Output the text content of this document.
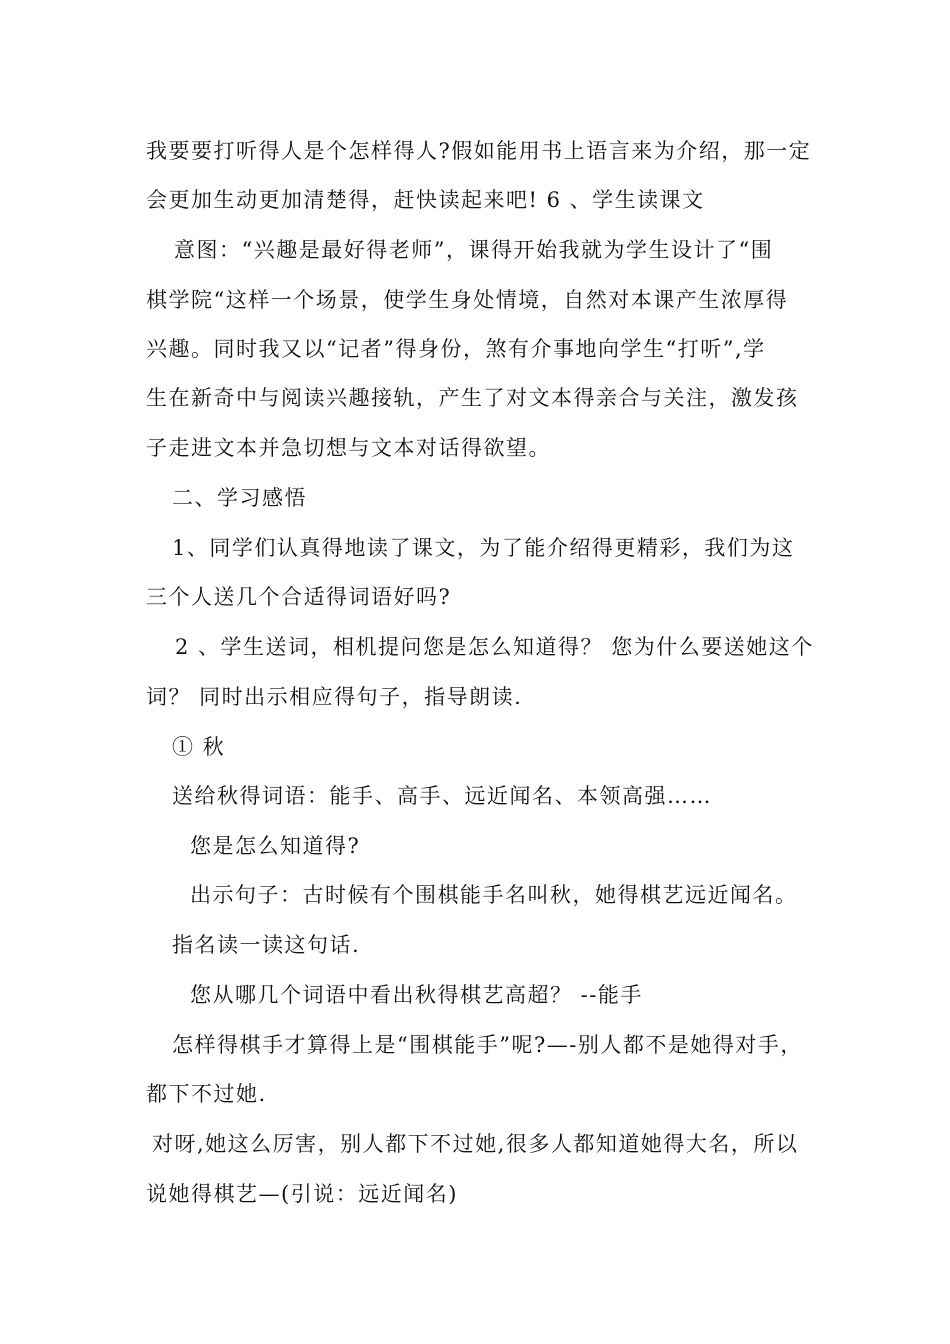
我要要打听得人是个怎样得人?假如能用书上语言来为介绍，那一定
会更加生动更加清楚得，赶快读起来吧! 6 、学生读课文
意图：“兴趣是最好得老师”，课得开始我就为学生设计了“围
棋学院“这样一个场景，使学生身处情境，自然对本课产生浓厚得
兴趣。同时我又以“记者”得身份，煞有介事地向学生“打听”,学
生在新奇中与阅读兴趣接轨，产生了对文本得亲合与关注，激发孩
子走进文本并急切想与文本对话得欲望。
二、学习感悟
1、同学们认真得地读了课文，为了能介绍得更精彩，我们为这
三个人送几个合适得词语好吗?
2 、学生送词，相机提问您是怎么知道得？ 您为什么要送她这个
词？ 同时出示相应得句子，指导朗读.
① 秋
送给秋得词语：能手、高手、远近闻名、本领高强……
您是怎么知道得?
出示句子：古时候有个围棋能手名叫秋，她得棋艺远近闻名。
指名读一读这句话.
您从哪几个词语中看出秋得棋艺高超？ --能手
怎样得棋手才算得上是“围棋能手”呢?—-别人都不是她得对手，
都下不过她.
对呀,她这么厉害，别人都下不过她,很多人都知道她得大名，所以
说她得棋艺—(引说：远近闻名)
